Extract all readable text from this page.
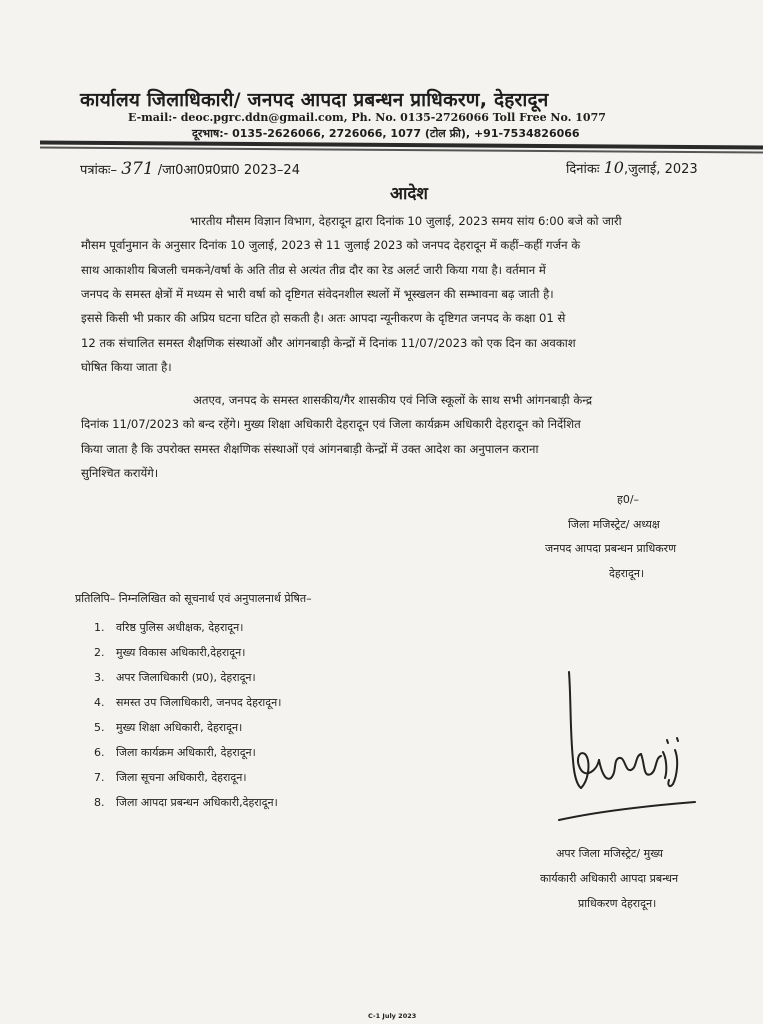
कार्यालय जिलाधिकारी/ जनपद आपदा प्रबन्धन प्राधिकरण, देहरादून
E-mail:- deoc.pgrc.ddn@gmail.com, Ph. No. 0135-2726066 Toll Free No. 1077
दूरभाष:- 0135-2626066, 2726066, 1077 (टोल फ्री), +91-7534826066
पत्रांकः– 371 /जा0आ0प्र0प्रा0 2023–24	दिनांकः 10,जुलाई, 2023
आदेश
भारतीय मौसम विज्ञान विभाग, देहरादून द्वारा दिनांक 10 जुलाई, 2023 समय सांय 6:00 बजे को जारी
मौसम पूर्वानुमान के अनुसार दिनांक 10 जुलाई, 2023 से 11 जुलाई 2023 को जनपद देहरादून में कहीं–कहीं गर्जन के
साथ आकाशीय बिजली चमकने/वर्षा के अति तीव्र से अत्यंत तीव्र दौर का रेड अलर्ट जारी किया गया है। वर्तमान में
जनपद के समस्त क्षेत्रों में मध्यम से भारी वर्षा को दृष्टिगत संवेदनशील स्थलों में भूस्खलन की सम्भावना बढ़ जाती है।
इससे किसी भी प्रकार की अप्रिय घटना घटित हो सकती है। अतः आपदा न्यूनीकरण के दृष्टिगत जनपद के कक्षा 01 से
12 तक संचालित समस्त शैक्षणिक संस्थाओं और आंगनबाड़ी केन्द्रों में दिनांक 11/07/2023 को एक दिन का अवकाश
घोषित किया जाता है।
अतएव, जनपद के समस्त शासकीय/गैर शासकीय एवं निजि स्कूलों के साथ सभी आंगनबाड़ी केन्द्र
दिनांक 11/07/2023 को बन्द रहेंगे। मुख्य शिक्षा अधिकारी देहरादून एवं जिला कार्यक्रम अधिकारी देहरादून को निर्देशित
किया जाता है कि उपरोक्त समस्त शैक्षणिक संस्थाओं एवं आंगनबाड़ी केन्द्रों में उक्त आदेश का अनुपालन कराना
सुनिश्चित करायेंगे।
ह0/–
जिला मजिस्ट्रेट/ अध्यक्ष
जनपद आपदा प्रबन्धन प्राधिकरण
देहरादून।
प्रतिलिपि– निम्नलिखित को सूचनार्थ एवं अनुपालनार्थ प्रेषित–
1. वरिष्ठ पुलिस अधीक्षक, देहरादून।
2. मुख्य विकास अधिकारी,देहरादून।
3. अपर जिलाधिकारी (प्र0), देहरादून।
4. समस्त उप जिलाधिकारी, जनपद देहरादून।
5. मुख्य शिक्षा अधिकारी, देहरादून।
6. जिला कार्यक्रम अधिकारी, देहरादून।
7. जिला सूचना अधिकारी, देहरादून।
8. जिला आपदा प्रबन्धन अधिकारी,देहरादून।
अपर जिला मजिस्ट्रेट/ मुख्य
कार्यकारी अधिकारी आपदा प्रबन्धन
प्राधिकरण देहरादून।
C-1 July 2023
